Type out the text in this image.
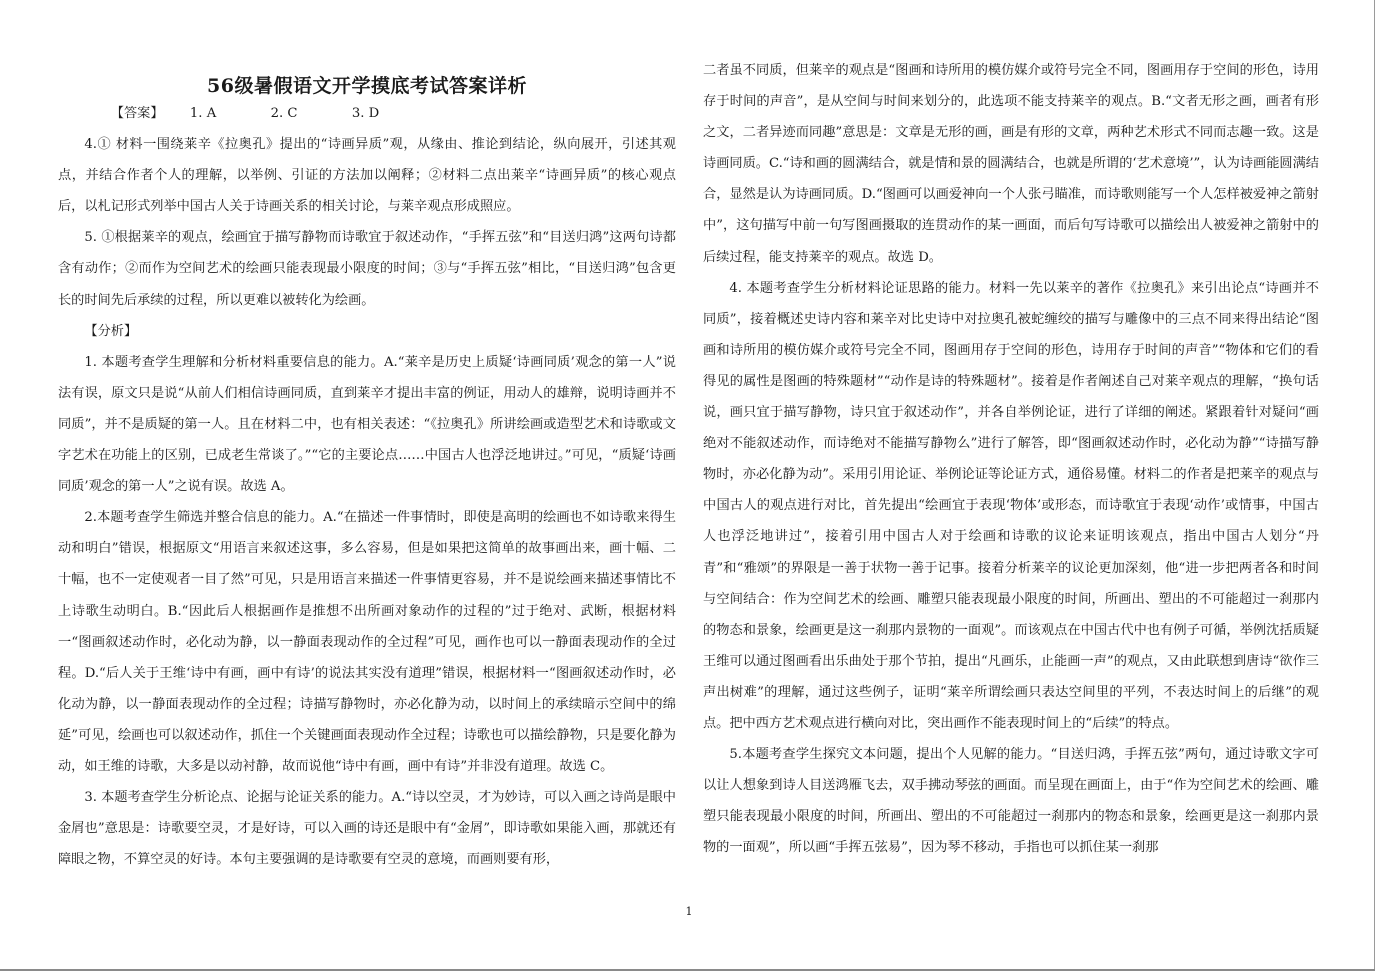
56级暑假语文开学摸底考试答案详析

【答案】 1. A	2. C	3. D

4.① 材料一围绕莱辛《拉奥孔》提出的“诗画异质”观，从缘由、推论到结论，纵向展开，引述其观点，并结合作者个人的理解，以举例、引证的方法加以阐释；②材料二点出莱辛“诗画异质”的核心观点后，以札记形式列举中国古人关于诗画关系的相关讨论，与莱辛观点形成照应。

5. ①根据莱辛的观点，绘画宜于描写静物而诗歌宜于叙述动作，“手挥五弦”和“目送归鸿”这两句诗都含有动作；②而作为空间艺术的绘画只能表现最小限度的时间；③与“手挥五弦”相比，“目送归鸿”包含更长的时间先后承续的过程，所以更难以被转化为绘画。

【分析】

1. 本题考查学生理解和分析材料重要信息的能力。A.“莱辛是历史上质疑‘诗画同质’观念的第一人”说法有误，原文只是说“从前人们相信诗画同质，直到莱辛才提出丰富的例证，用动人的雄辩，说明诗画并不同质”，并不是质疑的第一人。且在材料二中，也有相关表述：“《拉奥孔》所讲绘画或造型艺术和诗歌或文字艺术在功能上的区别，已成老生常谈了。”“它的主要论点……中国古人也浮泛地讲过。”可见，“质疑‘诗画同质’观念的第一人”之说有误。故选 A。

2.本题考查学生筛选并整合信息的能力。A.“在描述一件事情时，即使是高明的绘画也不如诗歌来得生动和明白”错误，根据原文“用语言来叙述这事，多么容易，但是如果把这简单的故事画出来，画十幅、二十幅，也不一定使观者一目了然”可见，只是用语言来描述一件事情更容易，并不是说绘画来描述事情比不上诗歌生动明白。B.“因此后人根据画作是推想不出所画对象动作的过程的”过于绝对、武断，根据材料一“图画叙述动作时，必化动为静，以一静面表现动作的全过程”可见，画作也可以一静面表现动作的全过程。D.“后人关于王维‘诗中有画，画中有诗’的说法其实没有道理”错误，根据材料一“图画叙述动作时，必化动为静，以一静面表现动作的全过程；诗描写静物时，亦必化静为动，以时间上的承续暗示空间中的绵延”可见，绘画也可以叙述动作，抓住一个关键画面表现动作全过程；诗歌也可以描绘静物，只是要化静为动，如王维的诗歌，大多是以动衬静，故而说他“诗中有画，画中有诗”并非没有道理。故选 C。

3. 本题考查学生分析论点、论据与论证关系的能力。A.“诗以空灵，才为妙诗，可以入画之诗尚是眼中金屑也”意思是：诗歌要空灵，才是好诗，可以入画的诗还是眼中有“金屑”，即诗歌如果能入画，那就还有障眼之物，不算空灵的好诗。本句主要强调的是诗歌要有空灵的意境，而画则要有形，

二者虽不同质，但莱辛的观点是“图画和诗所用的模仿媒介或符号完全不同，图画用存于空间的形色，诗用存于时间的声音”，是从空间与时间来划分的，此选项不能支持莱辛的观点。B.“文者无形之画，画者有形之文，二者异迹而同趣”意思是：文章是无形的画，画是有形的文章，两种艺术形式不同而志趣一致。这是诗画同质。C.“诗和画的圆满结合，就是情和景的圆满结合，也就是所谓的‘艺术意境’”，认为诗画能圆满结合，显然是认为诗画同质。D.“图画可以画爱神向一个人张弓瞄准，而诗歌则能写一个人怎样被爱神之箭射中”，这句描写中前一句写图画摄取的连贯动作的某一画面，而后句写诗歌可以描绘出人被爱神之箭射中的后续过程，能支持莱辛的观点。故选 D。

4. 本题考查学生分析材料论证思路的能力。材料一先以莱辛的著作《拉奥孔》来引出论点“诗画并不同质”，接着概述史诗内容和莱辛对比史诗中对拉奥孔被蛇缠绞的描写与雕像中的三点不同来得出结论“图画和诗所用的模仿媒介或符号完全不同，图画用存于空间的形色，诗用存于时间的声音”“物体和它们的看得见的属性是图画的特殊题材”“动作是诗的特殊题材”。接着是作者阐述自己对莱辛观点的理解，“换句话说，画只宜于描写静物，诗只宜于叙述动作”，并各自举例论证，进行了详细的阐述。紧跟着针对疑问“画绝对不能叙述动作，而诗绝对不能描写静物么”进行了解答，即“图画叙述动作时，必化动为静”“诗描写静物时，亦必化静为动”。采用引用论证、举例论证等论证方式，通俗易懂。材料二的作者是把莱辛的观点与中国古人的观点进行对比，首先提出“绘画宜于表现‘物体’或形态，而诗歌宜于表现‘动作’或情事，中国古人也浮泛地讲过”，接着引用中国古人对于绘画和诗歌的议论来证明该观点，指出中国古人划分“丹青”和“雅颂”的界限是一善于状物一善于记事。接着分析莱辛的议论更加深刻，他“进一步把两者各和时间与空间结合：作为空间艺术的绘画、雕塑只能表现最小限度的时间，所画出、塑出的不可能超过一刹那内的物态和景象，绘画更是这一刹那内景物的一面观”。而该观点在中国古代中也有例子可循，举例沈括质疑王维可以通过图画看出乐曲处于那个节拍，提出“凡画乐，止能画一声”的观点，又由此联想到唐诗“欲作三声出树难”的理解，通过这些例子，证明“莱辛所谓绘画只表达空间里的平列，不表达时间上的后继”的观点。把中西方艺术观点进行横向对比，突出画作不能表现时间上的“后续”的特点。

5.本题考查学生探究文本问题，提出个人见解的能力。“目送归鸿，手挥五弦”两句，通过诗歌文字可以让人想象到诗人目送鸿雁飞去，双手拂动琴弦的画面。而呈现在画面上，由于“作为空间艺术的绘画、雕塑只能表现最小限度的时间，所画出、塑出的不可能超过一刹那内的物态和景象，绘画更是这一刹那内景物的一面观”，所以画“手挥五弦易”，因为琴不移动，手指也可以抓住某一刹那

1
